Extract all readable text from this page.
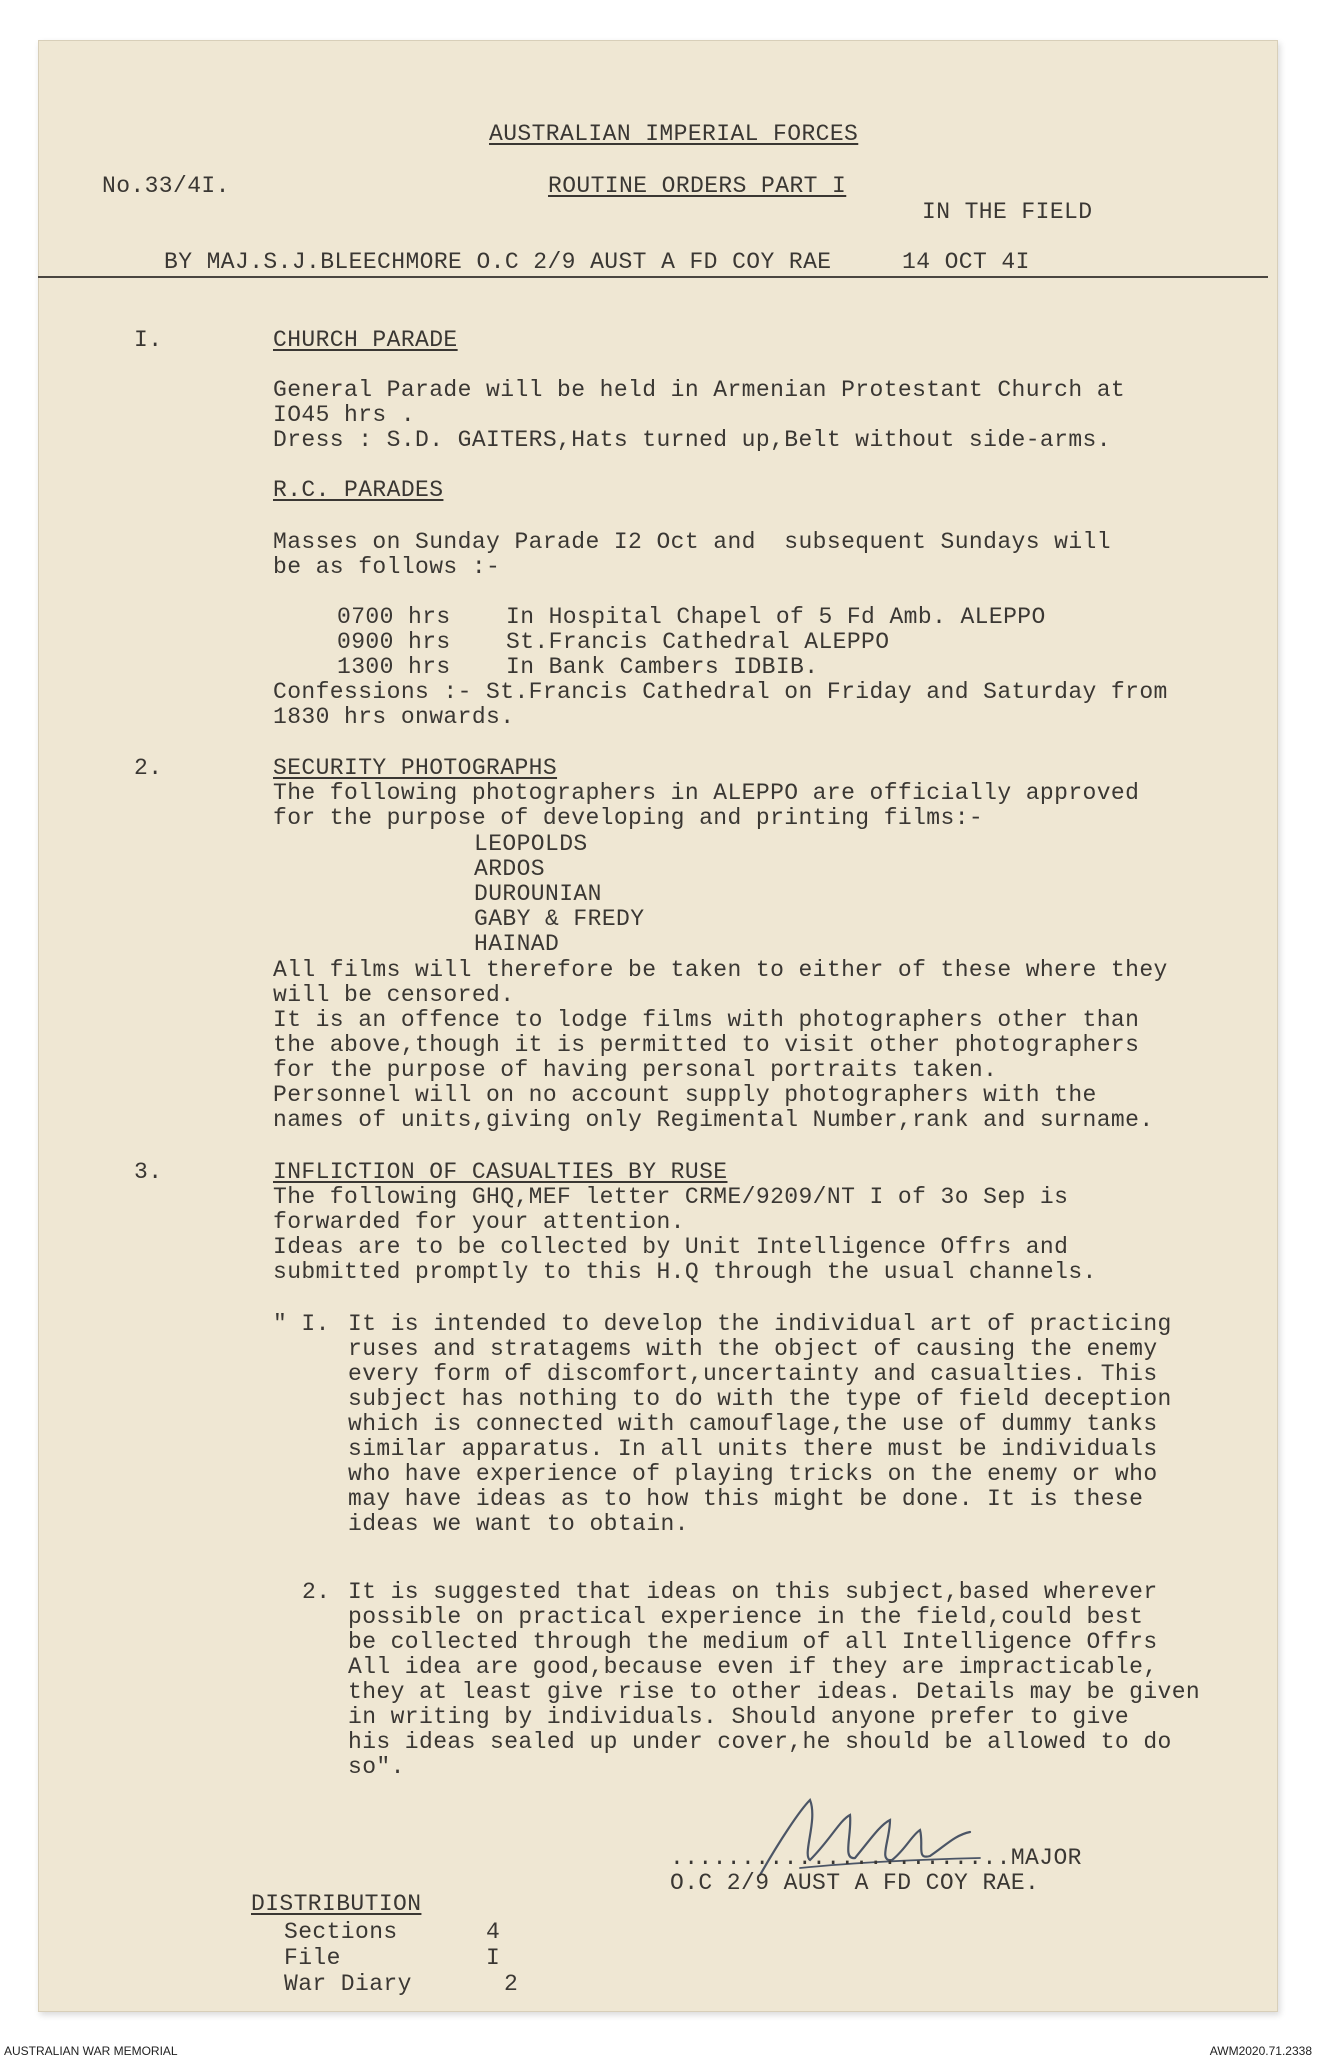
AUSTRALIAN IMPERIAL FORCES
No.33/4I.	ROUTINE ORDERS PART I
IN THE FIELD
BY MAJ.S.J.BLEECHMORE O.C 2/9 AUST A FD COY RAE	14 OCT 4I
I.	CHURCH PARADE
General Parade will be held in Armenian Protestant Church at
IO45 hrs .
Dress : S.D. GAITERS,Hats turned up,Belt without side-arms.
R.C. PARADES
Masses on Sunday Parade I2 Oct and  subsequent Sundays will
be as follows :-
0700 hrs In Hospital Chapel of 5 Fd Amb. ALEPPO
0900 hrs St.Francis Cathedral ALEPPO
1300 hrs In Bank Cambers IDBIB.
Confessions :- St.Francis Cathedral on Friday and Saturday from
1830 hrs onwards.
2.	SECURITY PHOTOGRAPHS
The following photographers in ALEPPO are officially approved
for the purpose of developing and printing films:-
LEOPOLDS
ARDOS
DUROUNIAN
GABY & FREDY
HAINAD
All films will therefore be taken to either of these where they
will be censored.
It is an offence to lodge films with photographers other than
the above,though it is permitted to visit other photographers
for the purpose of having personal portraits taken.
Personnel will on no account supply photographers with the
names of units,giving only Regimental Number,rank and surname.
3.	INFLICTION OF CASUALTIES BY RUSE
The following GHQ,MEF letter CRME/9209/NT I of 3o Sep is
forwarded for your attention.
Ideas are to be collected by Unit Intelligence Offrs and
submitted promptly to this H.Q through the usual channels.
" I. It is intended to develop the individual art of practicing
ruses and stratagems with the object of causing the enemy
every form of discomfort,uncertainty and casualties. This
subject has nothing to do with the type of field deception
which is connected with camouflage,the use of dummy tanks
similar apparatus. In all units there must be individuals
who have experience of playing tricks on the enemy or who
may have ideas as to how this might be done. It is these
ideas we want to obtain.
2. It is suggested that ideas on this subject,based wherever
possible on practical experience in the field,could best
be collected through the medium of all Intelligence Offrs
All idea are good,because even if they are impracticable,
they at least give rise to other ideas. Details may be given
in writing by individuals. Should anyone prefer to give
his ideas sealed up under cover,he should be allowed to do
so".
........................MAJOR
O.C 2/9 AUST A FD COY RAE.
DISTRIBUTION
Sections	4
File	I
War Diary	2
AUSTRALIAN WAR MEMORIAL	AWM2020.71.2338
